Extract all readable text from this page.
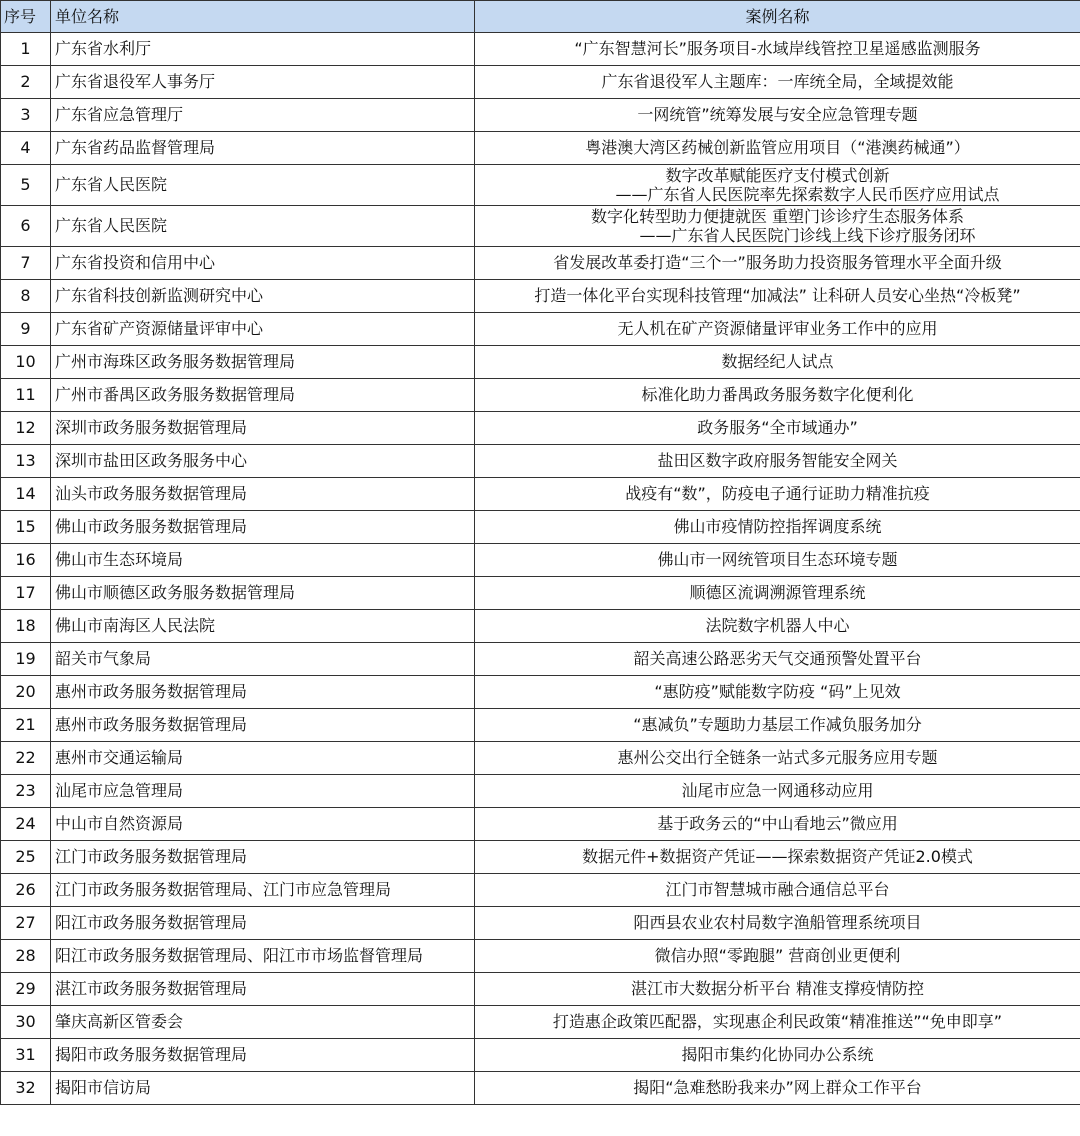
序号	单位名称	案例名称
1	广东省水利厅	“广东智慧河长”服务项目-水域岸线管控卫星遥感监测服务
2	广东省退役军人事务厅	广东省退役军人主题库：一库统全局，全域提效能
3	广东省应急管理厅	一网统管”统筹发展与安全应急管理专题
4	广东省药品监督管理局	粤港澳大湾区药械创新监管应用项目（“港澳药械通”）
5	广东省人民医院	数字改革赋能医疗支付模式创新
——广东省人民医院率先探索数字人民币医疗应用试点

6	广东省人民医院	数字化转型助力便捷就医 重塑门诊诊疗生态服务体系
——广东省人民医院门诊线上线下诊疗服务闭环

7	广东省投资和信用中心	省发展改革委打造“三个一”服务助力投资服务管理水平全面升级
8	广东省科技创新监测研究中心	打造一体化平台实现科技管理“加减法” 让科研人员安心坐热“冷板凳”
9	广东省矿产资源储量评审中心	无人机在矿产资源储量评审业务工作中的应用
10	广州市海珠区政务服务数据管理局	数据经纪人试点
11	广州市番禺区政务服务数据管理局	标准化助力番禺政务服务数字化便利化
12	深圳市政务服务数据管理局	政务服务“全市域通办”
13	深圳市盐田区政务服务中心	盐田区数字政府服务智能安全网关
14	汕头市政务服务数据管理局	战疫有“数”，防疫电子通行证助力精准抗疫
15	佛山市政务服务数据管理局	佛山市疫情防控指挥调度系统
16	佛山市生态环境局	佛山市一网统管项目生态环境专题
17	佛山市顺德区政务服务数据管理局	顺德区流调溯源管理系统
18	佛山市南海区人民法院	法院数字机器人中心
19	韶关市气象局	韶关高速公路恶劣天气交通预警处置平台
20	惠州市政务服务数据管理局	“惠防疫”赋能数字防疫 “码”上见效
21	惠州市政务服务数据管理局	“惠减负”专题助力基层工作减负服务加分
22	惠州市交通运输局	惠州公交出行全链条一站式多元服务应用专题
23	汕尾市应急管理局	汕尾市应急一网通移动应用
24	中山市自然资源局	基于政务云的“中山看地云”微应用
25	江门市政务服务数据管理局	数据元件+数据资产凭证——探索数据资产凭证2.0模式
26	江门市政务服务数据管理局、江门市应急管理局	江门市智慧城市融合通信总平台
27	阳江市政务服务数据管理局	阳西县农业农村局数字渔船管理系统项目
28	阳江市政务服务数据管理局、阳江市市场监督管理局	微信办照“零跑腿” 营商创业更便利
29	湛江市政务服务数据管理局	湛江市大数据分析平台 精准支撑疫情防控
30	肇庆高新区管委会	打造惠企政策匹配器，实现惠企利民政策“精准推送”“免申即享”
31	揭阳市政务服务数据管理局	揭阳市集约化协同办公系统
32	揭阳市信访局	揭阳“急难愁盼我来办”网上群众工作平台
